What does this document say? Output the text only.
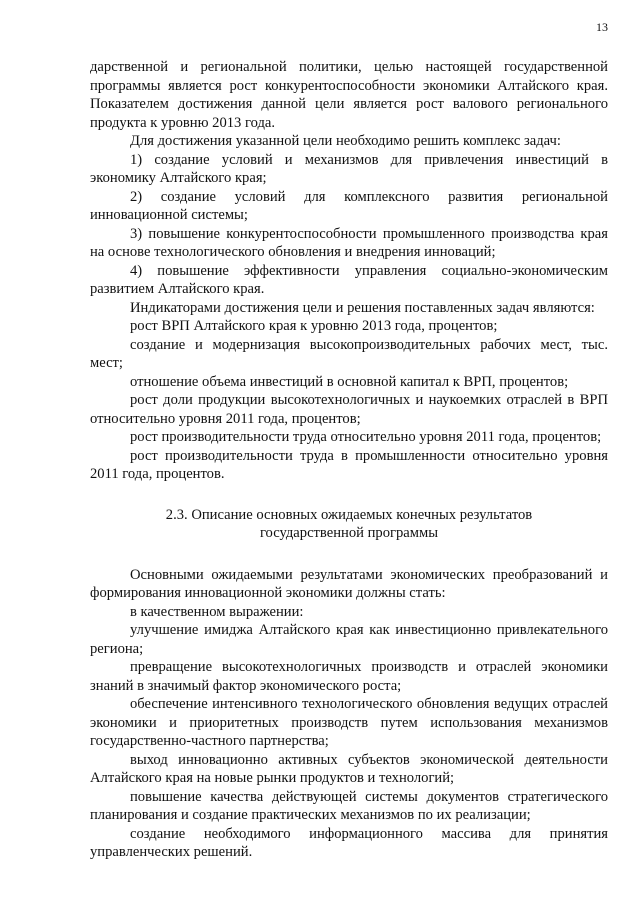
13

дарственной и региональной политики, целью настоящей государственной программы является рост конкурентоспособности экономики Алтайского края. Показателем достижения данной цели является рост валового регионального продукта к уровню 2013 года.

Для достижения указанной цели необходимо решить комплекс задач:

1) создание условий и механизмов для привлечения инвестиций в экономику Алтайского края;

2) создание условий для комплексного развития региональной инновационной системы;

3) повышение конкурентоспособности промышленного производства края на основе технологического обновления и внедрения инноваций;

4) повышение эффективности управления социально-экономическим развитием Алтайского края.

Индикаторами достижения цели и решения поставленных задач являются:

рост ВРП Алтайского края к уровню 2013 года, процентов;

создание и модернизация высокопроизводительных рабочих мест, тыс. мест;

отношение объема инвестиций в основной капитал к ВРП, процентов;

рост доли продукции высокотехнологичных и наукоемких отраслей в ВРП относительно уровня 2011 года, процентов;

рост производительности труда относительно уровня 2011 года, процентов;

рост производительности труда в промышленности относительно уровня 2011 года, процентов.

2.3. Описание основных ожидаемых конечных результатов
государственной программы

Основными ожидаемыми результатами экономических преобразований и формирования инновационной экономики должны стать:

в качественном выражении:

улучшение имиджа Алтайского края как инвестиционно привлекательного региона;

превращение высокотехнологичных производств и отраслей экономики знаний в значимый фактор экономического роста;

обеспечение интенсивного технологического обновления ведущих отраслей экономики и приоритетных производств путем использования механизмов государственно-частного партнерства;

выход инновационно активных субъектов экономической деятельности Алтайского края на новые рынки продуктов и технологий;

повышение качества действующей системы документов стратегического планирования и создание практических механизмов по их реализации;

создание необходимого информационного массива для принятия управленческих решений.
